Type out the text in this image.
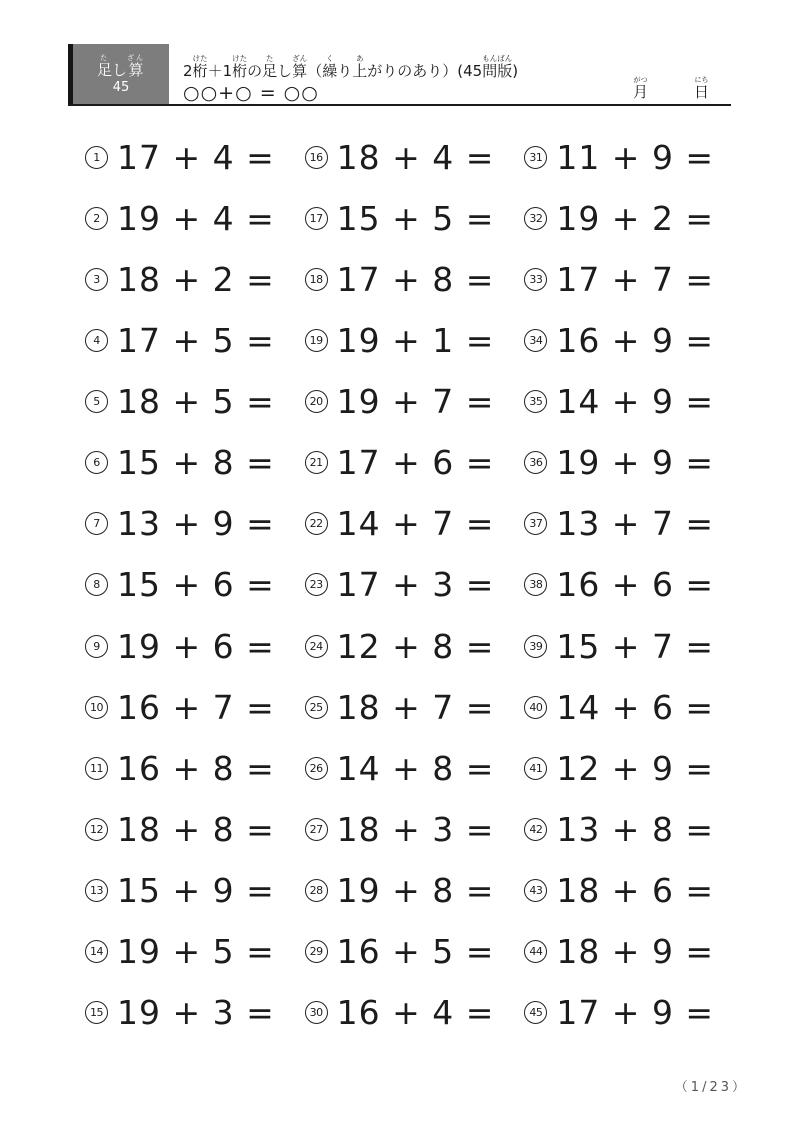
足たし算ざん
45
2桁けた＋1桁けたの足たし算ざん（繰くり上あがりのあり）(45問版もんばん)
○○+○ = ○○	月がつ
日にち
1 17 + 4 =
2 19 + 4 =
3 18 + 2 =
4 17 + 5 =
5 18 + 5 =
6 15 + 8 =
7 13 + 9 =
8 15 + 6 =
9 19 + 6 =
10 16 + 7 =
11 16 + 8 =
12 18 + 8 =
13 15 + 9 =
14 19 + 5 =
15 19 + 3 =
16 18 + 4 =
17 15 + 5 =
18 17 + 8 =
19 19 + 1 =
20 19 + 7 =
21 17 + 6 =
22 14 + 7 =
23 17 + 3 =
24 12 + 8 =
25 18 + 7 =
26 14 + 8 =
27 18 + 3 =
28 19 + 8 =
29 16 + 5 =
30 16 + 4 =
31 11 + 9 =
32 19 + 2 =
33 17 + 7 =
34 16 + 9 =
35 14 + 9 =
36 19 + 9 =
37 13 + 7 =
38 16 + 6 =
39 15 + 7 =
40 14 + 6 =
41 12 + 9 =
42 13 + 8 =
43 18 + 6 =
44 18 + 9 =
45 17 + 9 =
（1/23）
